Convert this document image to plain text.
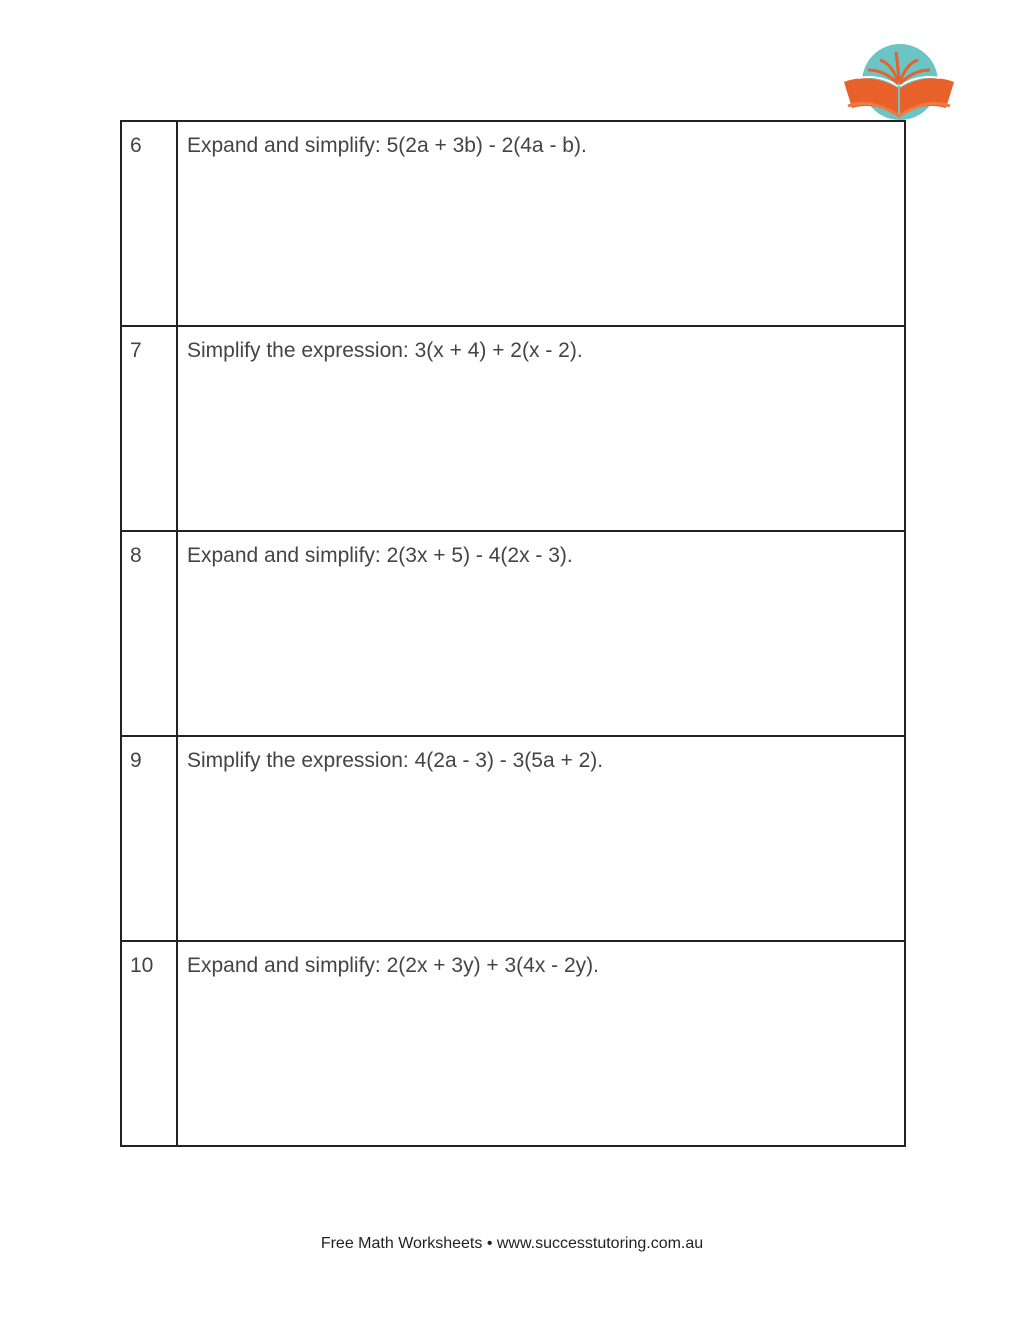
6	Expand and simplify: 5(2a + 3b) - 2(4a - b).

7	Simplify the expression: 3(x + 4) + 2(x - 2).

8	Expand and simplify: 2(3x + 5) - 4(2x - 3).

9	Simplify the expression: 4(2a - 3) - 3(5a + 2).

10	Expand and simplify: 2(2x + 3y) + 3(4x - 2y).
Free Math Worksheets • www.successtutoring.com.au
